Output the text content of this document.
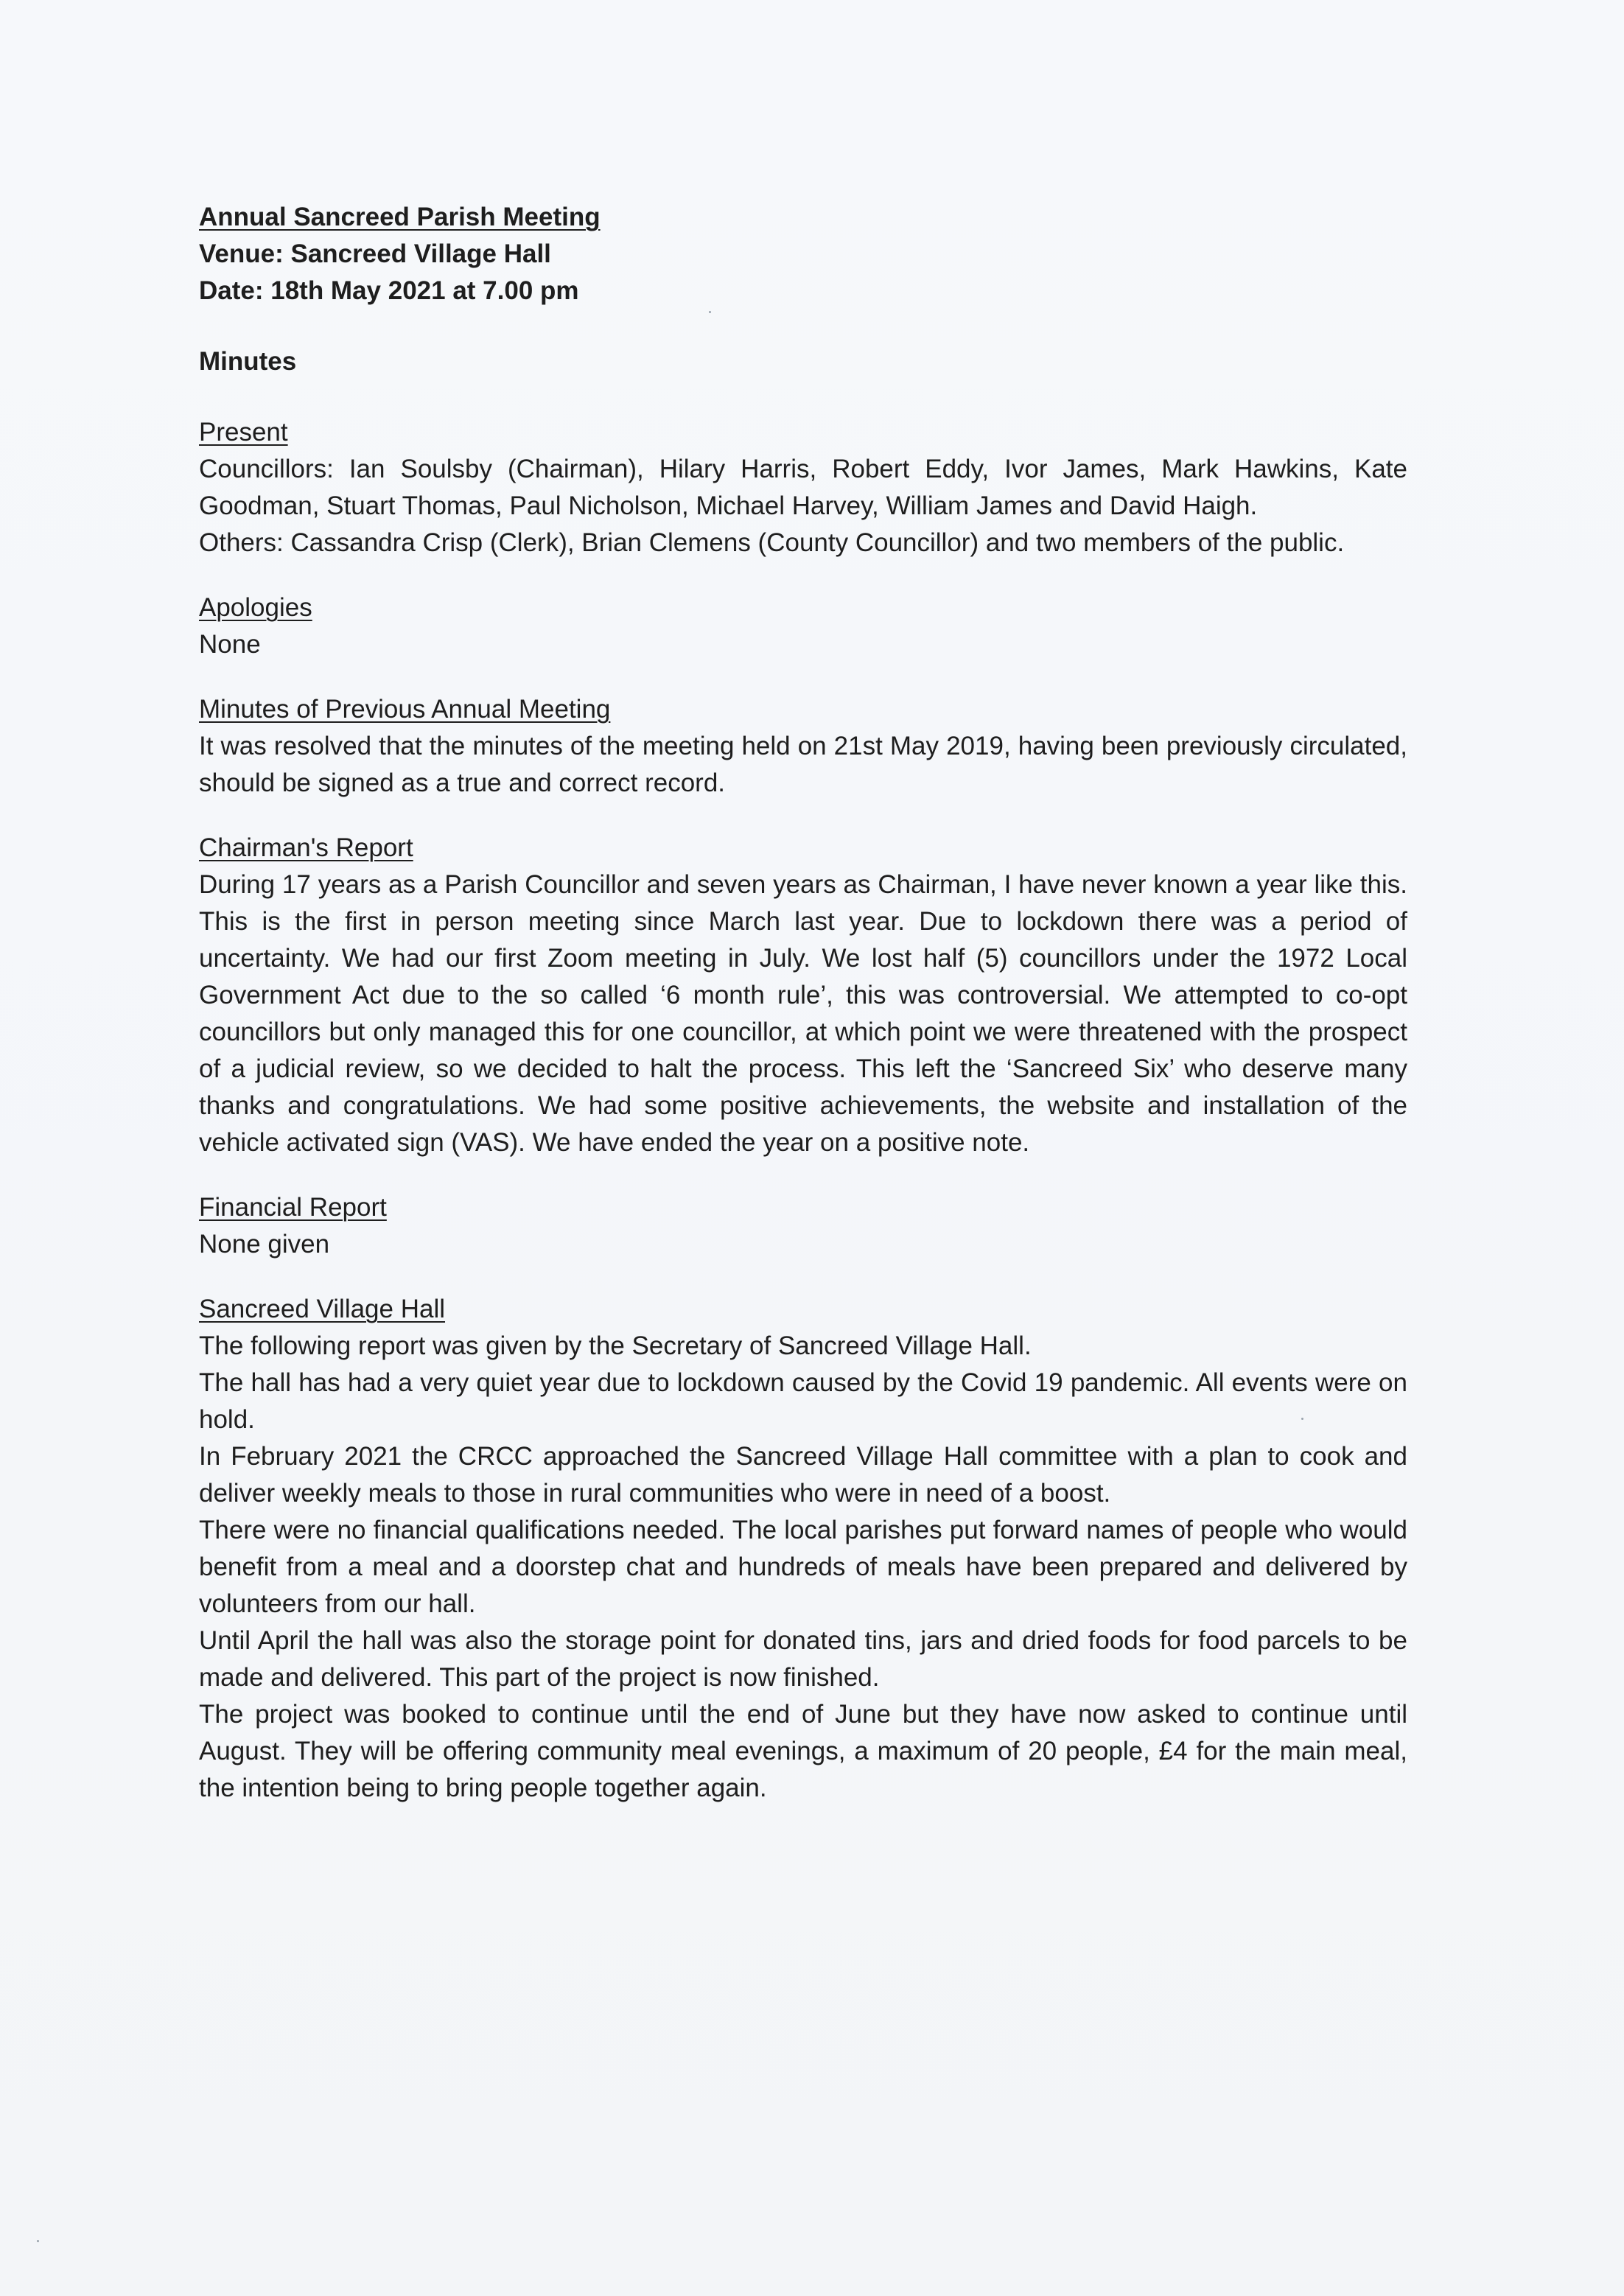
Annual Sancreed Parish Meeting

Venue: Sancreed Village Hall

Date: 18th May 2021 at 7.00 pm

Minutes

Present

Councillors: Ian Soulsby (Chairman), Hilary Harris, Robert Eddy, Ivor James, Mark Hawkins, Kate Goodman, Stuart Thomas, Paul Nicholson, Michael Harvey, William James and David Haigh.

Others: Cassandra Crisp (Clerk), Brian Clemens (County Councillor) and two members of the public.

Apologies

None

Minutes of Previous Annual Meeting

It was resolved that the minutes of the meeting held on 21st May 2019, having been previously circulated, should be signed as a true and correct record.

Chairman's Report

During 17 years as a Parish Councillor and seven years as Chairman, I have never known a year like this. This is the first in person meeting since March last year. Due to lockdown there was a period of uncertainty. We had our first Zoom meeting in July. We lost half (5) councillors under the 1972 Local Government Act due to the so called ‘6 month rule’, this was controversial. We attempted to co-opt councillors but only managed this for one councillor, at which point we were threatened with the prospect of a judicial review, so we decided to halt the process. This left the ‘Sancreed Six’ who deserve many thanks and congratulations. We had some positive achievements, the website and installation of the vehicle activated sign (VAS). We have ended the year on a positive note.

Financial Report

None given

Sancreed Village Hall

The following report was given by the Secretary of Sancreed Village Hall.

The hall has had a very quiet year due to lockdown caused by the Covid 19 pandemic. All events were on hold.

In February 2021 the CRCC approached the Sancreed Village Hall committee with a plan to cook and deliver weekly meals to those in rural communities who were in need of a boost.

There were no financial qualifications needed. The local parishes put forward names of people who would benefit from a meal and a doorstep chat and hundreds of meals have been prepared and delivered by volunteers from our hall.

Until April the hall was also the storage point for donated tins, jars and dried foods for food parcels to be made and delivered. This part of the project is now finished.

The project was booked to continue until the end of June but they have now asked to continue until August. They will be offering community meal evenings, a maximum of 20 people, £4 for the main meal, the intention being to bring people together again.
